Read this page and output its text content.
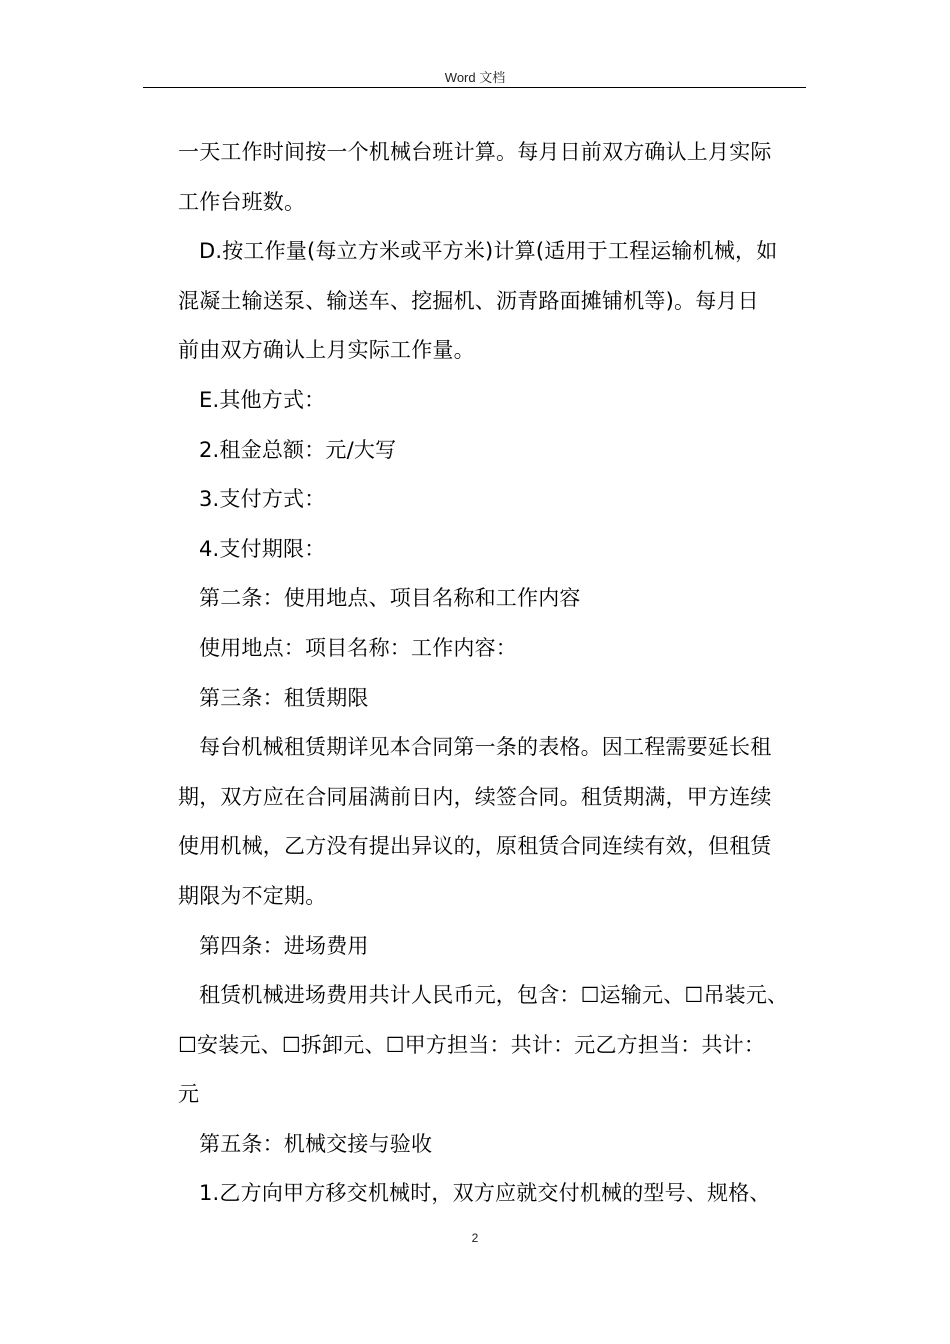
Word 文档
一天工作时间按一个机械台班计算。每月日前双方确认上月实际
工作台班数。
D.按工作量(每立方米或平方米)计算(适用于工程运输机械，如
混凝土输送泵、输送车、挖掘机、沥青路面摊铺机等)。每月日
前由双方确认上月实际工作量。
E.其他方式：
2.租金总额：元/大写
3.支付方式：
4.支付期限：
第二条：使用地点、项目名称和工作内容
使用地点：项目名称：工作内容：
第三条：租赁期限
每台机械租赁期详见本合同第一条的表格。因工程需要延长租
期，双方应在合同届满前日内，续签合同。租赁期满，甲方连续
使用机械，乙方没有提出异议的，原租赁合同连续有效，但租赁
期限为不定期。
第四条：进场费用
租赁机械进场费用共计人民币元，包含：☐运输元、☐吊装元、
☐安装元、☐拆卸元、☐甲方担当：共计：元乙方担当：共计：
元
第五条：机械交接与验收
1.乙方向甲方移交机械时，双方应就交付机械的型号、规格、
2
